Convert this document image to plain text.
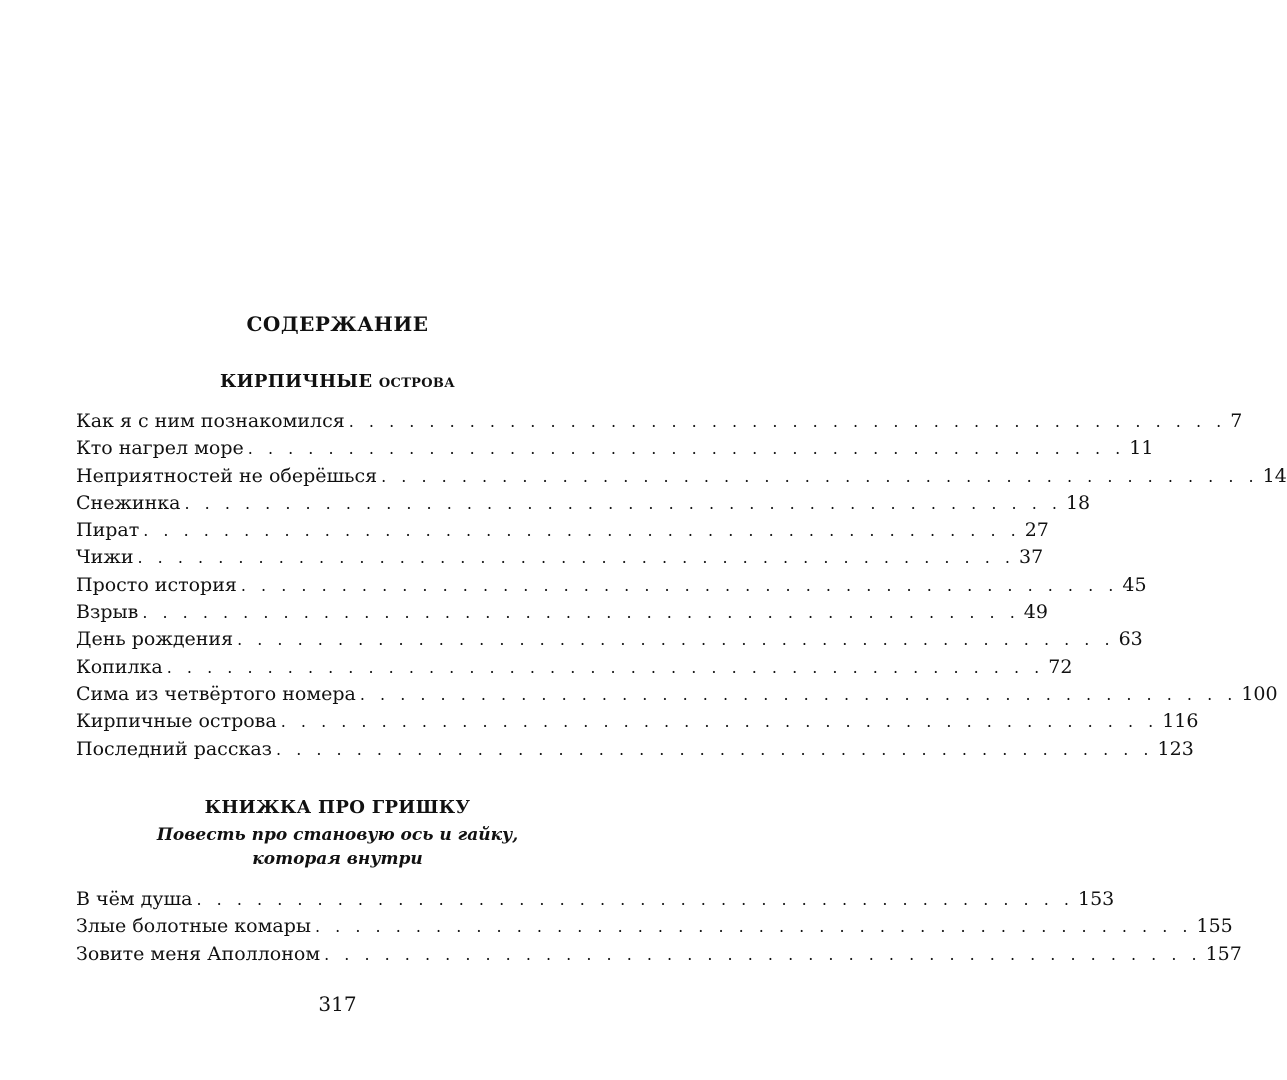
СОДЕРЖАНИЕ
КИРПИЧНЫЕ острова
Как я с ним познакомился . . . . . . . . . . . . . . . . . . . . . . . . . . . . . . . . . . . . . . . . . . . . 7
Кто нагрел море . . . . . . . . . . . . . . . . . . . . . . . . . . . . . . . . . . . . . . . . . . . . 11
Неприятностей не оберёшься . . . . . . . . . . . . . . . . . . . . . . . . . . . . . . . . . . . . . . . . . . . . 14
Снежинка . . . . . . . . . . . . . . . . . . . . . . . . . . . . . . . . . . . . . . . . . . . . 18
Пират . . . . . . . . . . . . . . . . . . . . . . . . . . . . . . . . . . . . . . . . . . . . 27
Чижи . . . . . . . . . . . . . . . . . . . . . . . . . . . . . . . . . . . . . . . . . . . . 37
Просто история . . . . . . . . . . . . . . . . . . . . . . . . . . . . . . . . . . . . . . . . . . . . 45
Взрыв . . . . . . . . . . . . . . . . . . . . . . . . . . . . . . . . . . . . . . . . . . . . 49
День рождения . . . . . . . . . . . . . . . . . . . . . . . . . . . . . . . . . . . . . . . . . . . . 63
Копилка . . . . . . . . . . . . . . . . . . . . . . . . . . . . . . . . . . . . . . . . . . . . 72
Сима из четвёртого номера . . . . . . . . . . . . . . . . . . . . . . . . . . . . . . . . . . . . . . . . . . . . 100
Кирпичные острова . . . . . . . . . . . . . . . . . . . . . . . . . . . . . . . . . . . . . . . . . . . . 116
Последний рассказ . . . . . . . . . . . . . . . . . . . . . . . . . . . . . . . . . . . . . . . . . . . . 123
КНИЖКА ПРО ГРИШКУ
Повесть про становую ось и гайку,
которая внутри
В чём душа . . . . . . . . . . . . . . . . . . . . . . . . . . . . . . . . . . . . . . . . . . . . 153
Злые болотные комары . . . . . . . . . . . . . . . . . . . . . . . . . . . . . . . . . . . . . . . . . . . . 155
Зовите меня Аполлоном . . . . . . . . . . . . . . . . . . . . . . . . . . . . . . . . . . . . . . . . . . . . 157
317
